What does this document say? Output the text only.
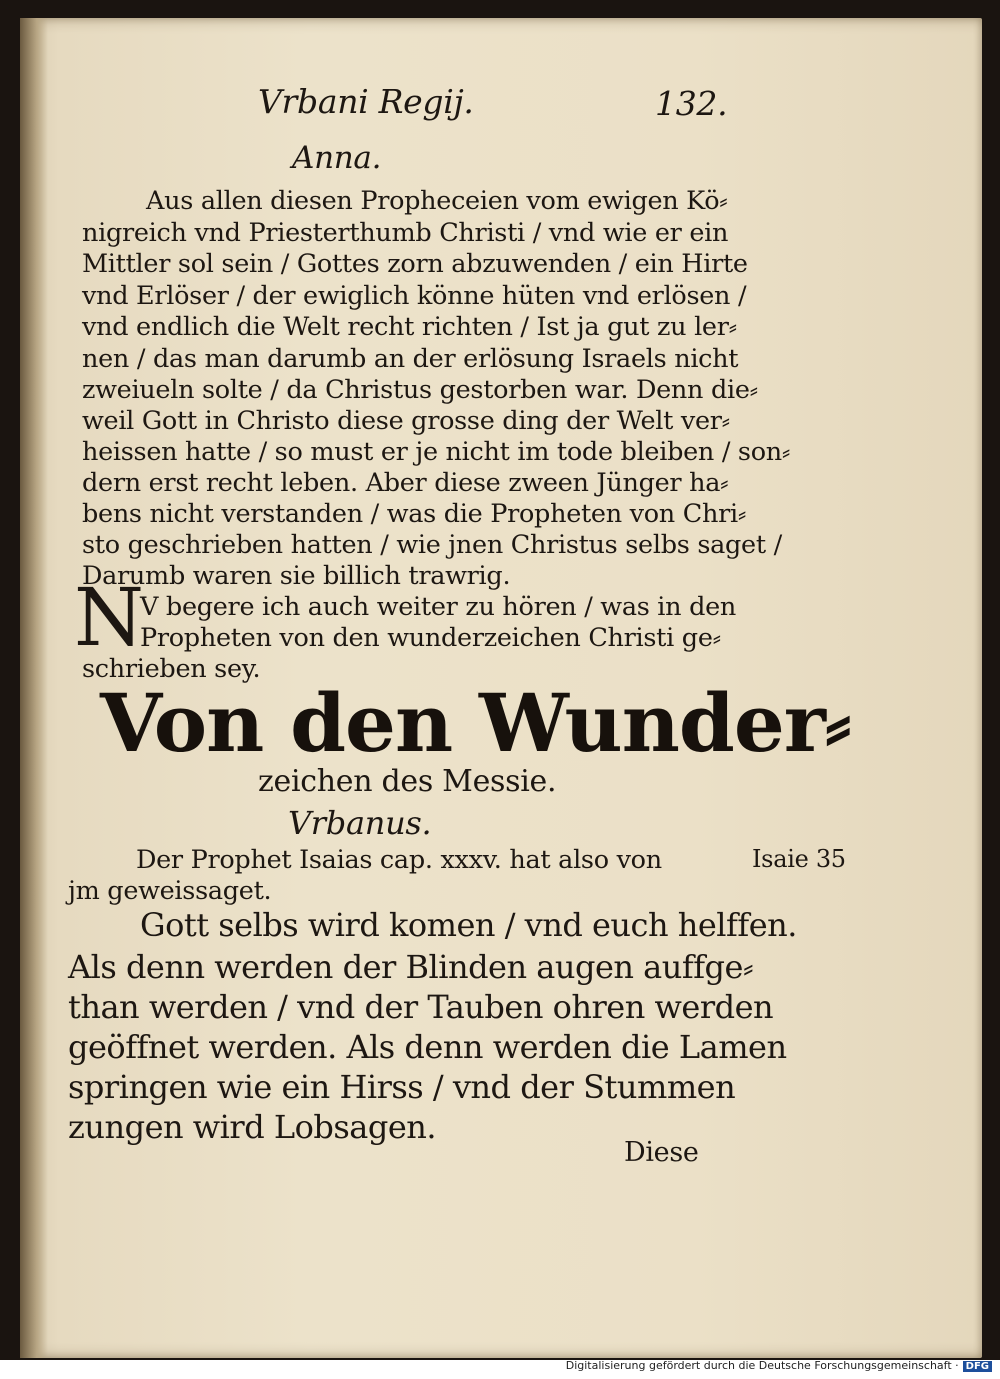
Vrbani Regij.	132.
Anna.
Aus allen diesen Propheceien vom ewigen Kö⸗
nigreich vnd Priesterthumb Christi / vnd wie er ein
Mittler sol sein / Gottes zorn abzuwenden / ein Hirte
vnd Erlöser / der ewiglich könne hüten vnd erlösen /
vnd endlich die Welt recht richten / Ist ja gut zu ler⸗
nen / das man darumb an der erlösung Israels nicht
zweiueln solte / da Christus gestorben war. Denn die⸗
weil Gott in Christo diese grosse ding der Welt ver⸗
heissen hatte / so must er je nicht im tode bleiben / son⸗
dern erst recht leben. Aber diese zween Jünger ha⸗
bens nicht verstanden / was die Propheten von Chri⸗
sto geschrieben hatten / wie jnen Christus selbs saget /
Darumb waren sie billich trawrig.
N
V begere ich auch weiter zu hören / was in den
Propheten von den wunderzeichen Christi ge⸗
schrieben sey.
Von den Wunder⸗
zeichen des Messie.
Vrbanus.
Der Prophet Isaias cap. xxxv. hat also von
jm geweissaget.
Isaie 35
Gott selbs wird komen / vnd euch helffen.
Als denn werden der Blinden augen auffge⸗
than werden / vnd der Tauben ohren werden
geöffnet werden. Als denn werden die Lamen
springen wie ein Hirss / vnd der Stummen
zungen wird Lobsagen.
Diese
Digitalisierung gefördert durch die Deutsche Forschungsgemeinschaft · DFG
